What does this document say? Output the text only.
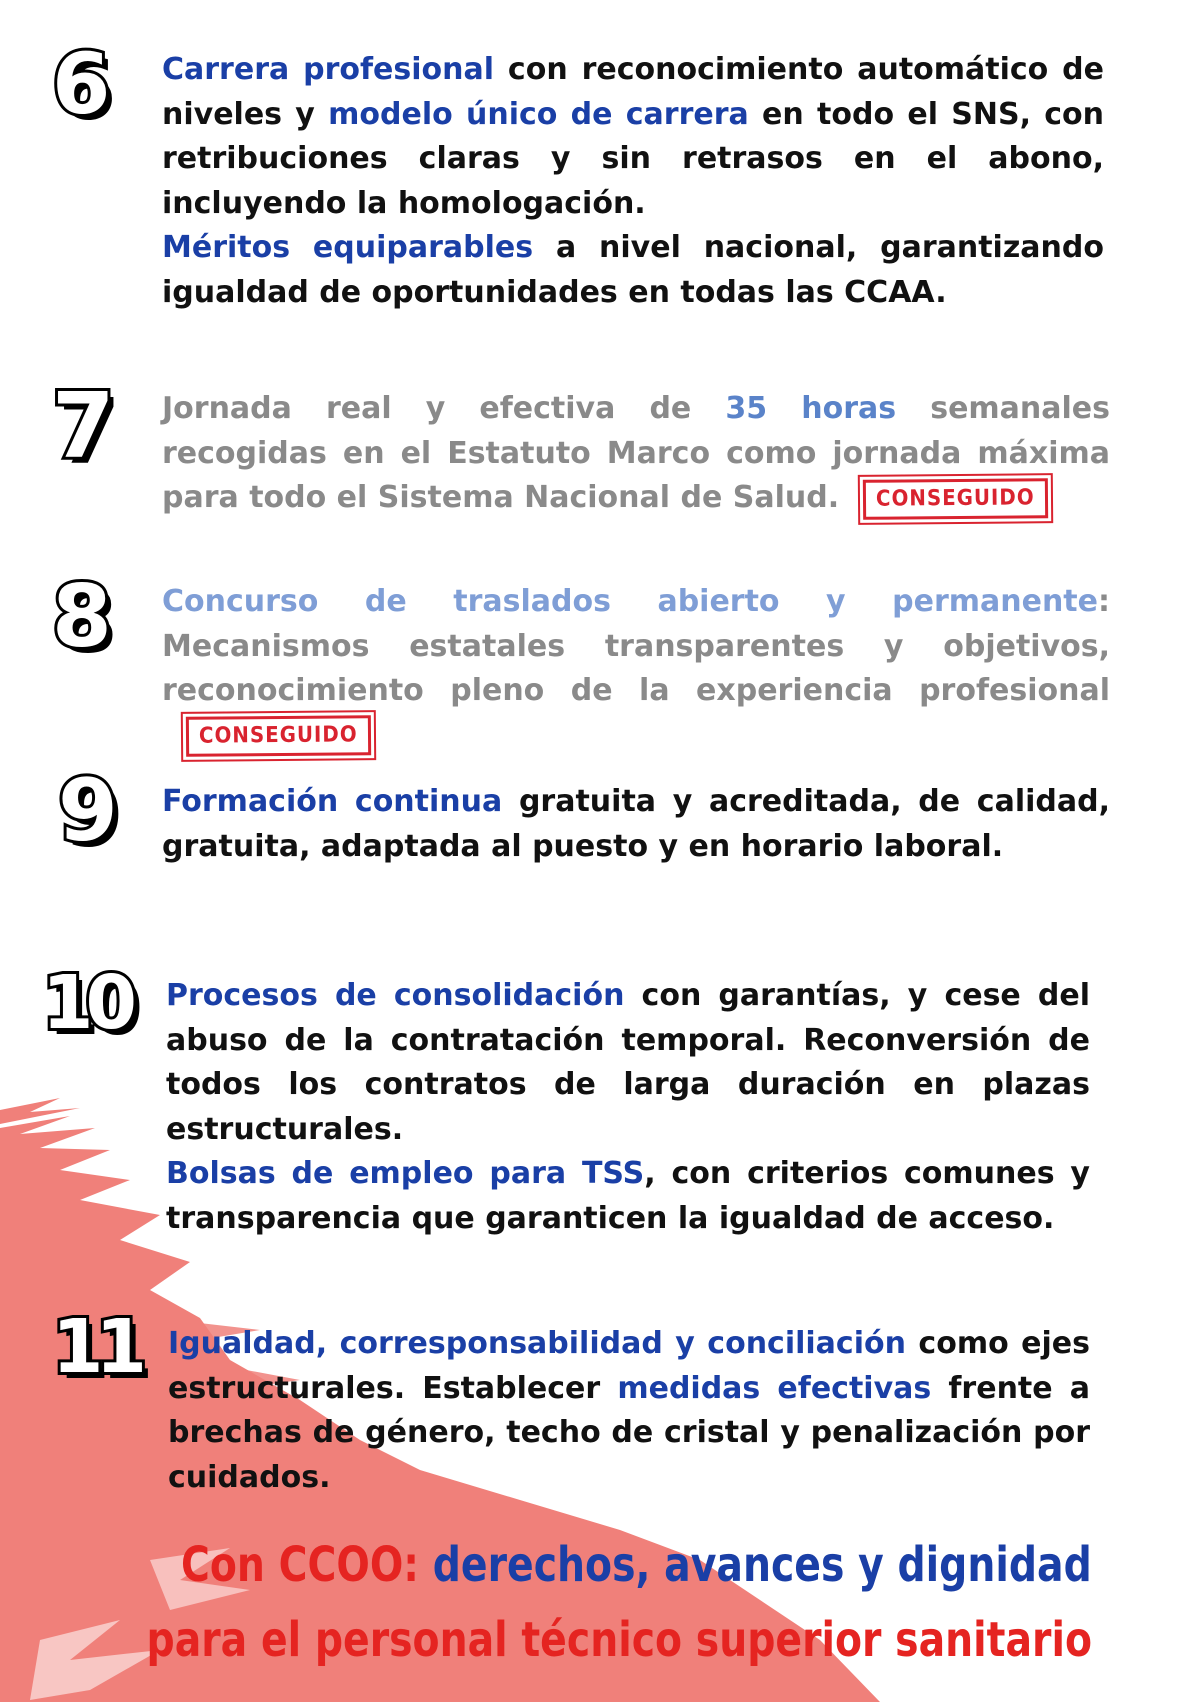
6 Carrera profesional con reconocimiento automático de niveles y modelo único de carrera en todo el SNS, con retribuciones claras y sin retrasos en el abono, incluyendo la homologación.
Méritos equiparables a nivel nacional, garantizando igualdad de oportunidades en todas las CCAA.
7 Jornada real y efectiva de 35 horas semanales recogidas en el Estatuto Marco como jornada máxima para todo el Sistema Nacional de Salud. CONSEGUIDO
8 Concurso de traslados abierto y permanente: Mecanismos estatales transparentes y objetivos, reconocimiento pleno de la experiencia profesionalCONSEGUIDO
9 Formación continua gratuita y acreditada, de calidad, gratuita, adaptada al puesto y en horario laboral.
10 Procesos de consolidación con garantías, y cese del abuso de la contratación temporal. Reconversión de todos los contratos de larga duración en plazas estructurales.
Bolsas de empleo para TSS, con criterios comunes y transparencia que garanticen la igualdad de acceso.
11 Igualdad, corresponsabilidad y conciliación como ejes estructurales. Establecer medidas efectivas frente a brechas de género, techo de cristal y penalización por cuidados.
Con CCOO: derechos, avances y dignidad
para el personal técnico superior sanitario
